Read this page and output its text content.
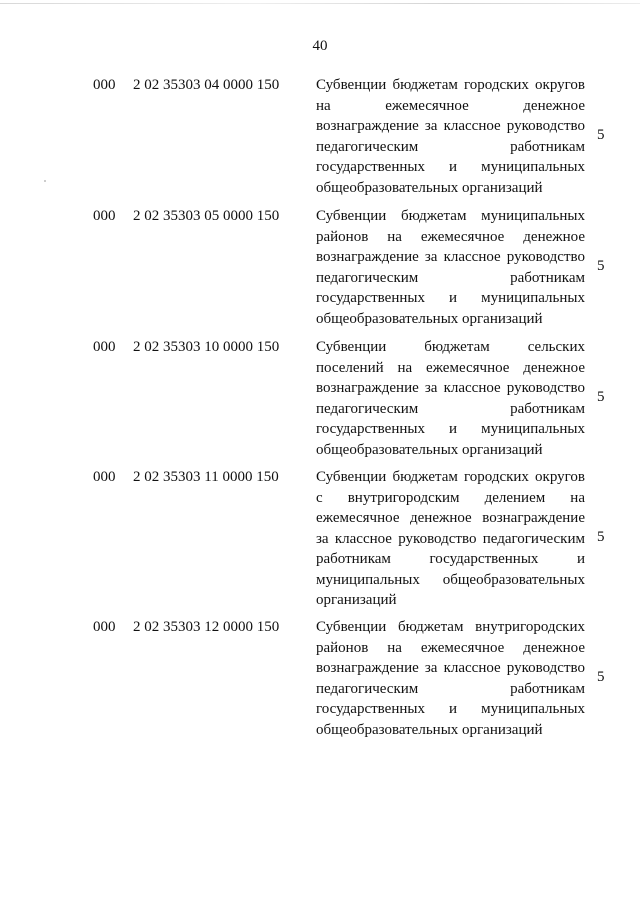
40
000 2 02 35303 04 0000 150 Субвенции бюджетам городских округов
на ежемесячное денежное
вознаграждение за классное руководство
педагогическим работникам
государственных и муниципальных
общеобразовательных организаций
5
000 2 02 35303 05 0000 150 Субвенции бюджетам муниципальных
районов на ежемесячное денежное
вознаграждение за классное руководство
педагогическим работникам
государственных и муниципальных
общеобразовательных организаций
5
000 2 02 35303 10 0000 150 Субвенции бюджетам сельских
поселений на ежемесячное денежное
вознаграждение за классное руководство
педагогическим работникам
государственных и муниципальных
общеобразовательных организаций
5
000 2 02 35303 11 0000 150 Субвенции бюджетам городских округов
с внутригородским делением на
ежемесячное денежное вознаграждение
за классное руководство педагогическим
работникам государственных и
муниципальных общеобразовательных
организаций
5
000 2 02 35303 12 0000 150 Субвенции бюджетам внутригородских
районов на ежемесячное денежное
вознаграждение за классное руководство
педагогическим работникам
государственных и муниципальных
общеобразовательных организаций
5
